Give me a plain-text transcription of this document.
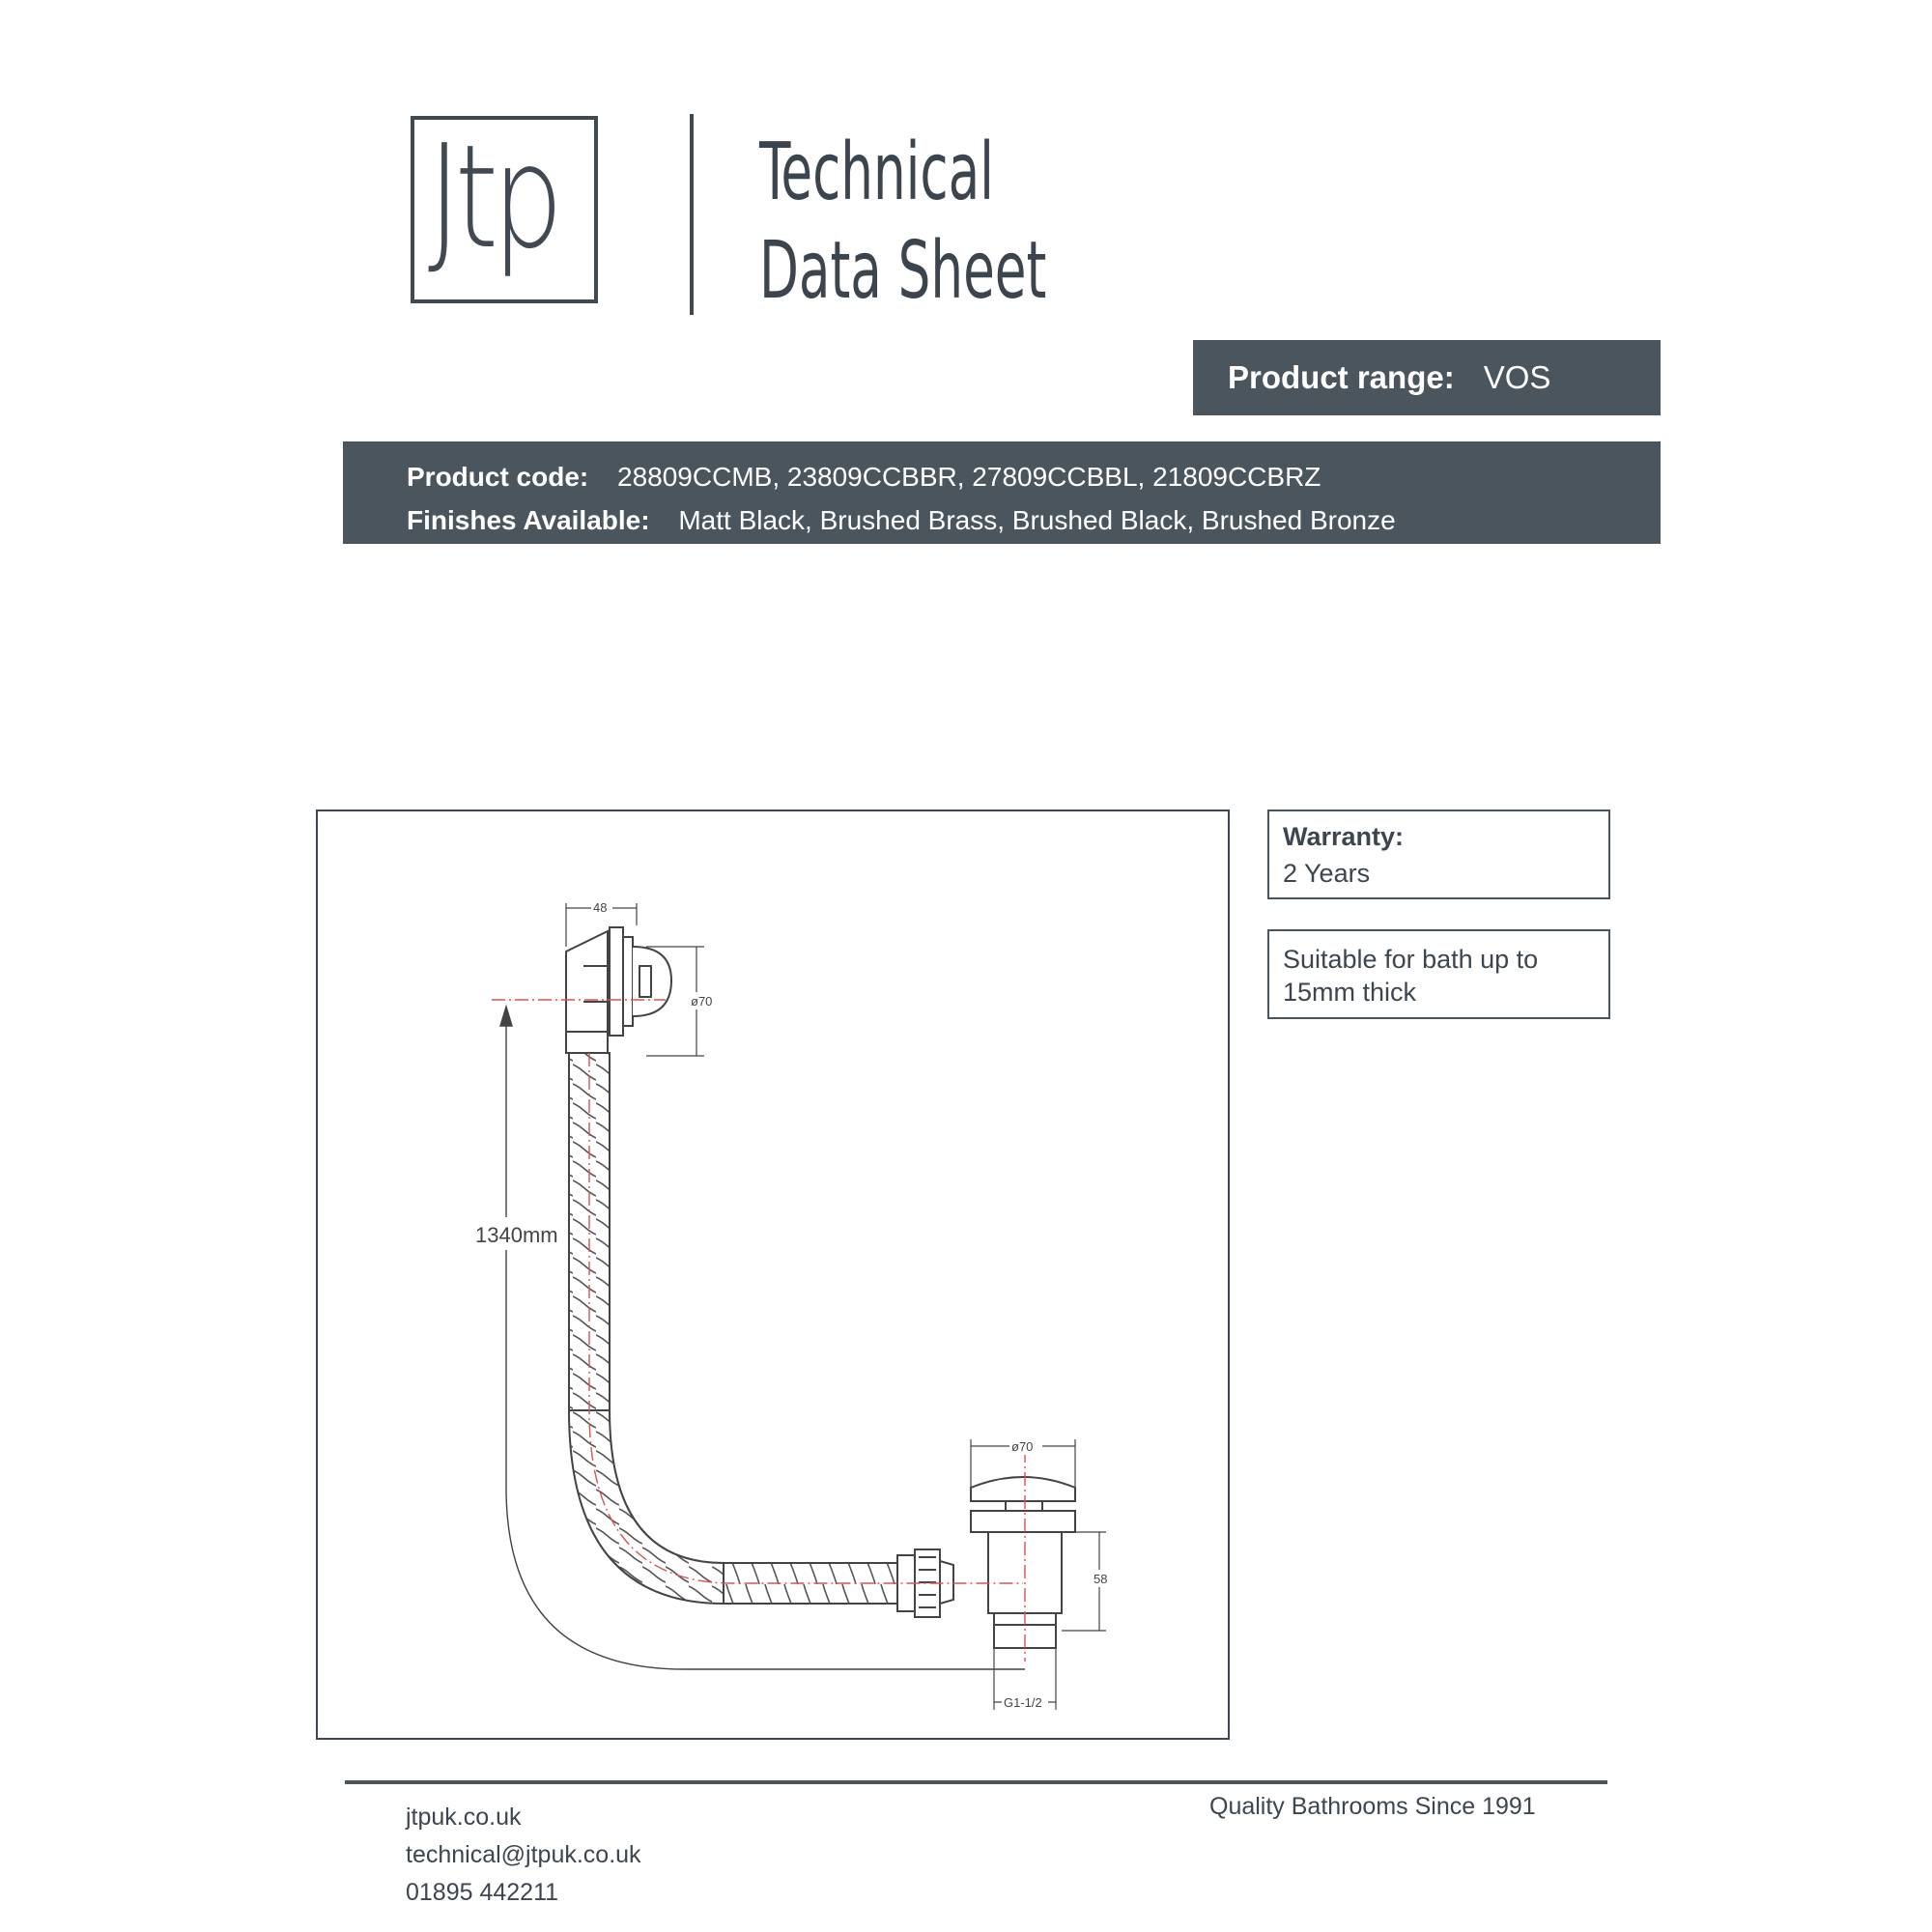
Jtp	Technical
Data Sheet
Product range: VOS
Product code: 28809CCMB, 23809CCBBR, 27809CCBBL, 21809CCBRZ
Finishes Available: Matt Black, Brushed Brass, Brushed Black, Brushed Bronze
1340mm
48
ø70
ø70
58
G1-1/2
Warranty:
2 Years
Suitable for bath up to
15mm thick
jtpuk.co.uk
technical@jtpuk.co.uk
01895 442211
Quality Bathrooms Since 1991
